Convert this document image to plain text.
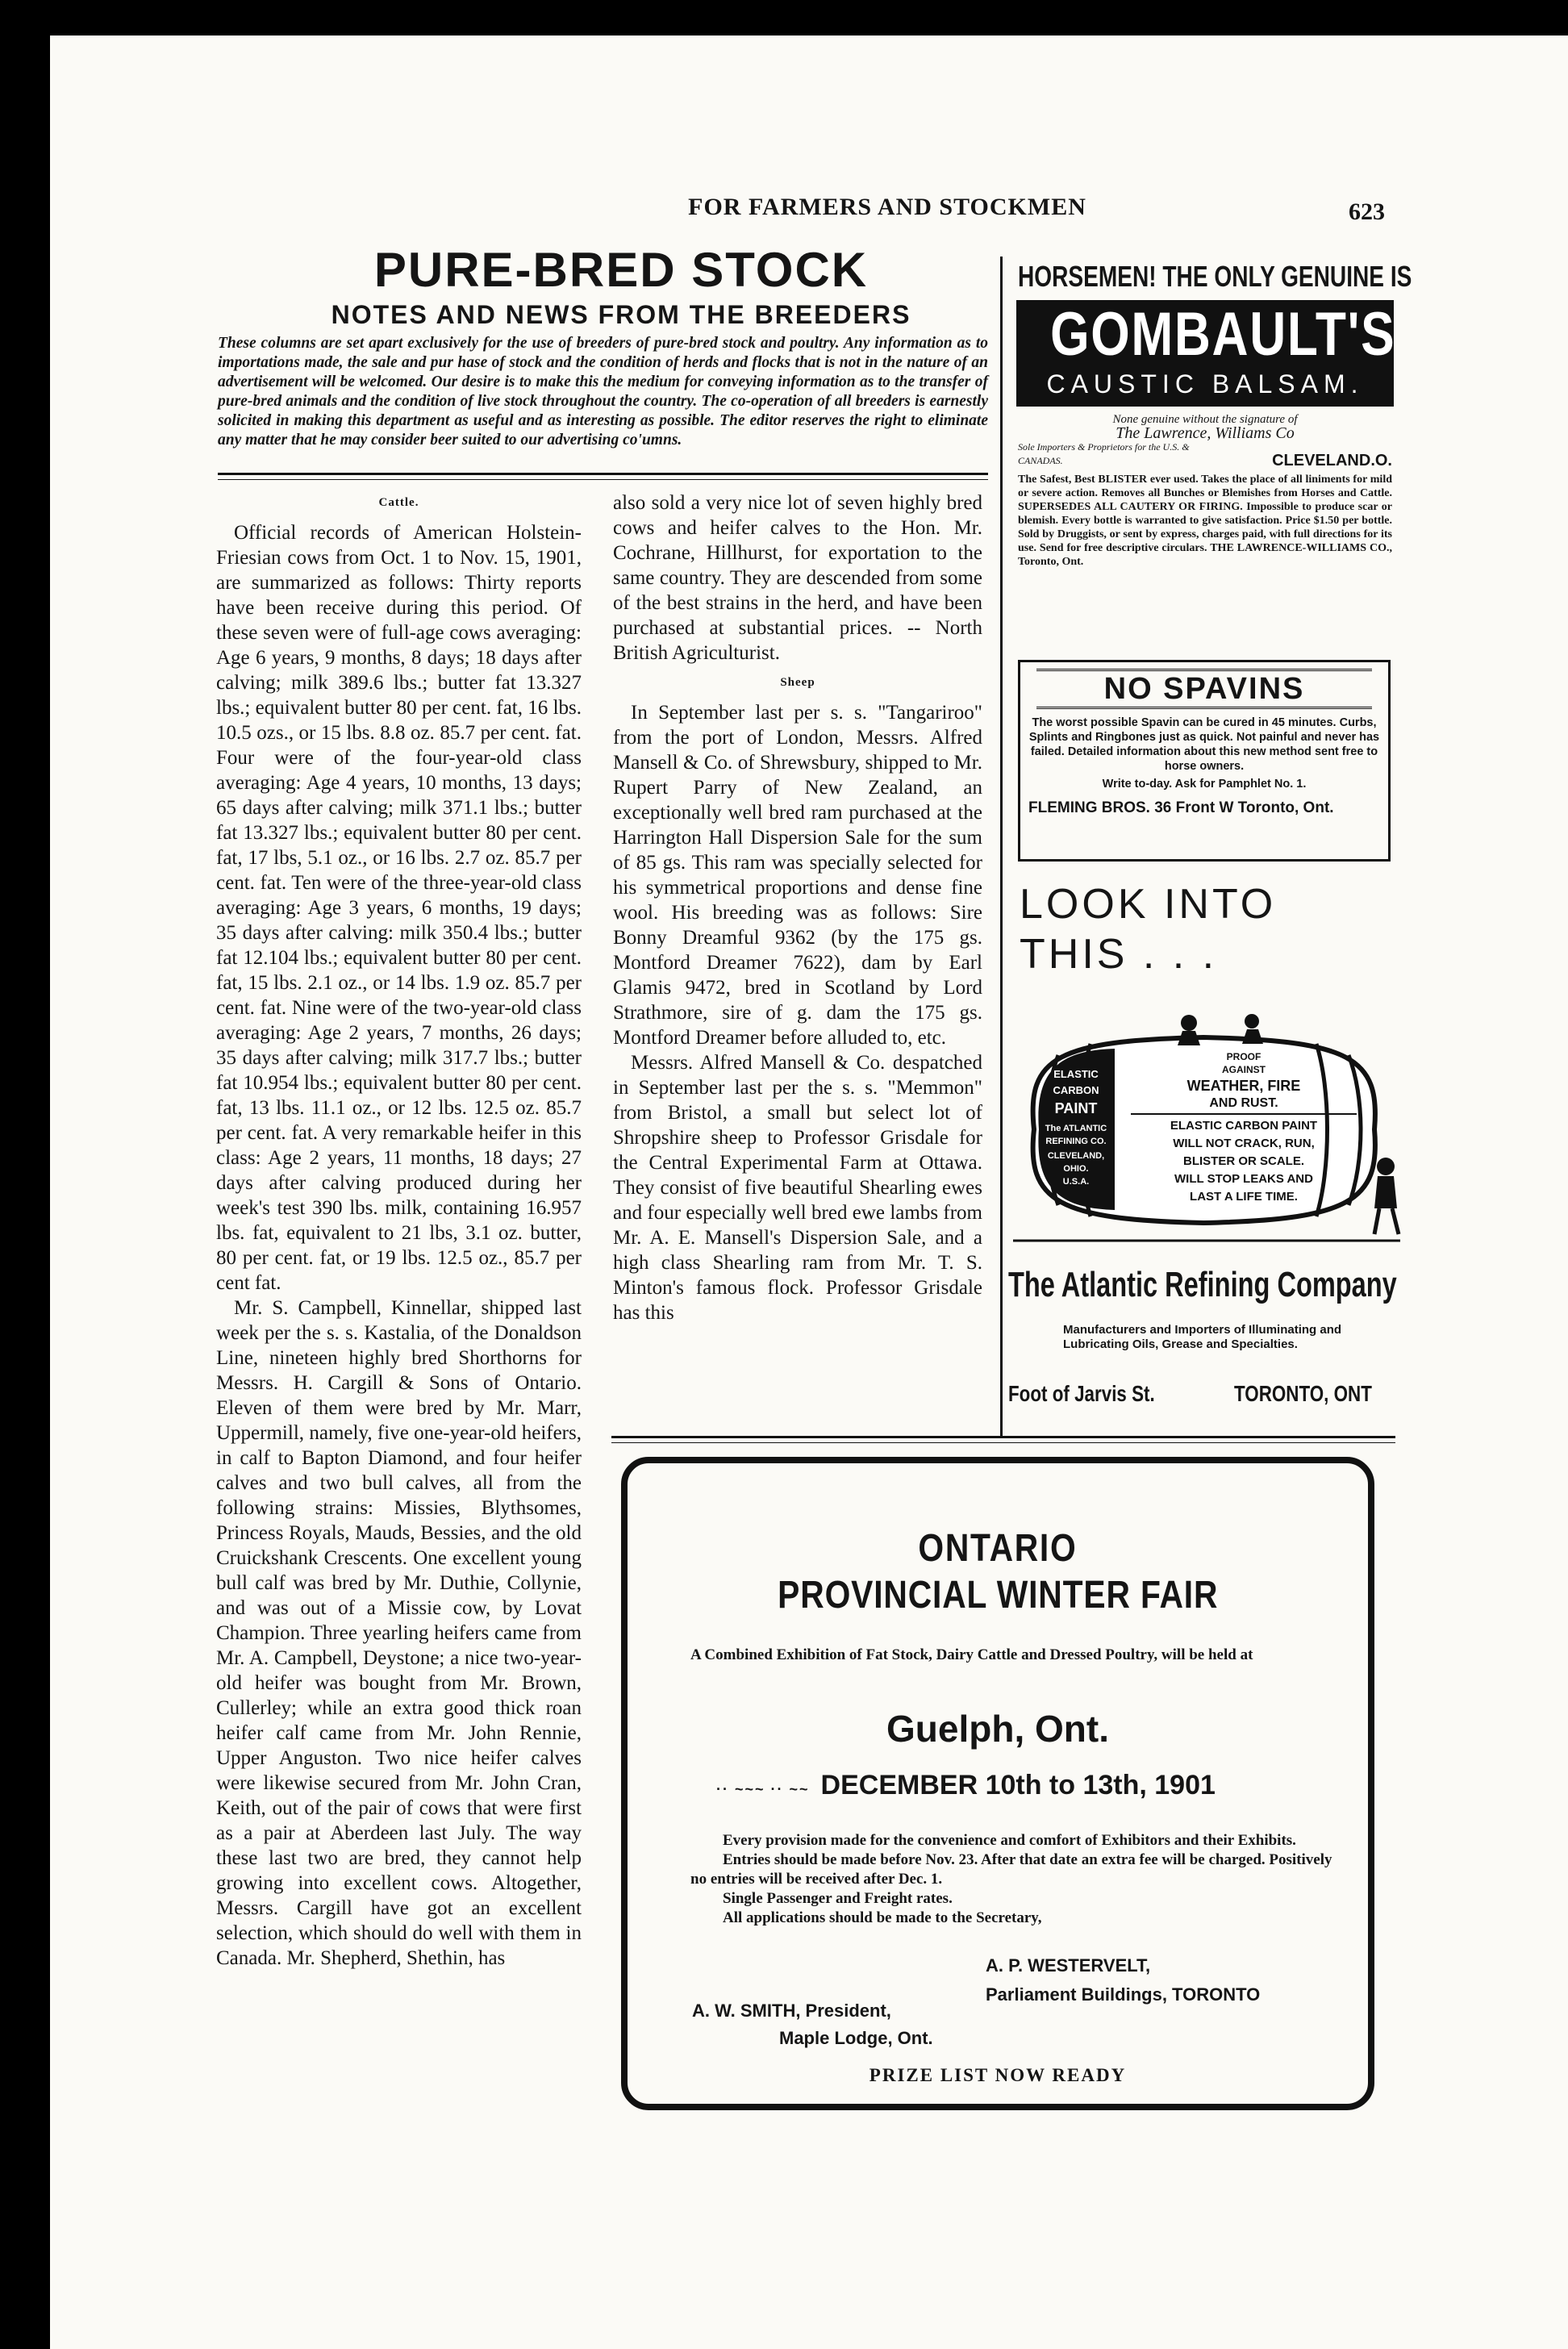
FOR FARMERS AND STOCKMEN	623
PURE-BRED STOCK
NOTES AND NEWS FROM THE BREEDERS
These columns are set apart exclusively for the use of breeders of pure-bred stock and poultry. Any information as to importations made, the sale and pur hase of stock and the condition of herds and flocks that is not in the nature of an advertisement will be welcomed. Our desire is to make this the medium for conveying information as to the transfer of pure-bred animals and the condition of live stock throughout the country. The co-operation of all breeders is earnestly solicited in making this department as useful and as interesting as possible. The editor reserves the right to eliminate any matter that he may consider beer suited to our advertising co'umns.
Cattle.

Official records of American Holstein-Friesian cows from Oct. 1 to Nov. 15, 1901, are summarized as follows: Thirty reports have been receive during this period. Of these seven were of full-age cows averaging: Age 6 years, 9 months, 8 days; 18 days after calving; milk 389.6 lbs.; butter fat 13.327 lbs.; equivalent butter 80 per cent. fat, 16 lbs. 10.5 ozs., or 15 lbs. 8.8 oz. 85.7 per cent. fat. Four were of the four-year-old class averaging: Age 4 years, 10 months, 13 days; 65 days after calving; milk 371.1 lbs.; butter fat 13.327 lbs.; equivalent butter 80 per cent. fat, 17 lbs, 5.1 oz., or 16 lbs. 2.7 oz. 85.7 per cent. fat. Ten were of the three-year-old class averaging: Age 3 years, 6 months, 19 days; 35 days after calving: milk 350.4 lbs.; butter fat 12.104 lbs.; equivalent butter 80 per cent. fat, 15 lbs. 2.1 oz., or 14 lbs. 1.9 oz. 85.7 per cent. fat. Nine were of the two-year-old class averaging: Age 2 years, 7 months, 26 days; 35 days after calving; milk 317.7 lbs.; butter fat 10.954 lbs.; equivalent butter 80 per cent. fat, 13 lbs. 11.1 oz., or 12 lbs. 12.5 oz. 85.7 per cent. fat. A very remarkable heifer in this class: Age 2 years, 11 months, 18 days; 27 days after calving produced during her week's test 390 lbs. milk, containing 16.957 lbs. fat, equivalent to 21 lbs, 3.1 oz. butter, 80 per cent. fat, or 19 lbs. 12.5 oz., 85.7 per cent fat.

Mr. S. Campbell, Kinnellar, shipped last week per the s. s. Kastalia, of the Donaldson Line, nineteen highly bred Shorthorns for Messrs. H. Cargill & Sons of Ontario. Eleven of them were bred by Mr. Marr, Uppermill, namely, five one-year-old heifers, in calf to Bapton Diamond, and four heifer calves and two bull calves, all from the following strains: Missies, Blythsomes, Princess Royals, Mauds, Bessies, and the old Cruickshank Crescents. One excellent young bull calf was bred by Mr. Duthie, Collynie, and was out of a Missie cow, by Lovat Champion. Three yearling heifers came from Mr. A. Campbell, Deystone; a nice two-year-old heifer was bought from Mr. Brown, Cullerley; while an extra good thick roan heifer calf came from Mr. John Rennie, Upper Anguston. Two nice heifer calves were likewise secured from Mr. John Cran, Keith, out of the pair of cows that were first as a pair at Aberdeen last July. The way these last two are bred, they cannot help growing into excellent cows. Altogether, Messrs. Cargill have got an excellent selection, which should do well with them in Canada. Mr. Shepherd, Shethin, has

also sold a very nice lot of seven highly bred cows and heifer calves to the Hon. Mr. Cochrane, Hillhurst, for exportation to the same country. They are descended from some of the best strains in the herd, and have been purchased at substantial prices. -- North British Agriculturist.

Sheep

In September last per s. s. "Tangariroo" from the port of London, Messrs. Alfred Mansell & Co. of Shrewsbury, shipped to Mr. Rupert Parry of New Zealand, an exceptionally well bred ram purchased at the Harrington Hall Dispersion Sale for the sum of 85 gs. This ram was specially selected for his symmetrical proportions and dense fine wool. His breeding was as follows: Sire Bonny Dreamful 9362 (by the 175 gs. Montford Dreamer 7622), dam by Earl Glamis 9472, bred in Scotland by Lord Strathmore, sire of g. dam the 175 gs. Montford Dreamer before alluded to, etc.

Messrs. Alfred Mansell & Co. despatched in September last per the s. s. "Memmon" from Bristol, a small but select lot of Shropshire sheep to Professor Grisdale for the Central Experimental Farm at Ottawa. They consist of five beautiful Shearling ewes and four especially well bred ewe lambs from Mr. A. E. Mansell's Dispersion Sale, and a high class Shearling ram from Mr. T. S. Minton's famous flock. Professor Grisdale has this

HORSEMEN! THE ONLY GENUINE IS
GOMBAULT'S
CAUSTIC BALSAM.
None genuine without the signature of
The Lawrence, Williams Co
Sole Importers & Proprietors for the U.S. & CANADAS.	CLEVELAND.O.
The Safest, Best BLISTER ever used. Takes the place of all liniments for mild or severe action. Removes all Bunches or Blemishes from Horses and Cattle. SUPERSEDES ALL CAUTERY OR FIRING. Impossible to produce scar or blemish. Every bottle is warranted to give satisfaction. Price $1.50 per bottle. Sold by Druggists, or sent by express, charges paid, with full directions for its use. Send for free descriptive circulars. THE LAWRENCE-WILLIAMS CO., Toronto, Ont.
NO SPAVINS
The worst possible Spavin can be cured in 45 minutes. Curbs, Splints and Ringbones just as quick. Not painful and never has failed. Detailed information about this new method sent free to horse owners.
Write to-day. Ask for Pamphlet No. 1.
FLEMING BROS. 36 Front W Toronto, Ont.
LOOK INTO
THIS . . .
ELASTIC
CARBON
PAINT
The ATLANTIC
REFINING CO.
CLEVELAND,
OHIO.
U.S.A.
PROOF
AGAINST
WEATHER, FIRE
AND RUST.
ELASTIC CARBON PAINT
WILL NOT CRACK, RUN,
BLISTER OR SCALE.
WILL STOP LEAKS AND
LAST A LIFE TIME.
The Atlantic Refining Company
Manufacturers and Importers of Illuminating and Lubricating Oils, Grease and Specialties.
Foot of Jarvis St.	TORONTO, ONT
ONTARIO
PROVINCIAL WINTER FAIR
A Combined Exhibition of Fat Stock, Dairy Cattle and Dressed Poultry, will be held at
Guelph, Ont.
·· ~~~ ·· ~~ DECEMBER 10th to 13th, 1901
Every provision made for the convenience and comfort of Exhibitors and their Exhibits.
Entries should be made before Nov. 23. After that date an extra fee will be charged. Positively no entries will be received after Dec. 1.
Single Passenger and Freight rates.
All applications should be made to the Secretary,
A. P. WESTERVELT,
Parliament Buildings, TORONTO
A. W. SMITH, President,
Maple Lodge, Ont.
PRIZE LIST NOW READY
